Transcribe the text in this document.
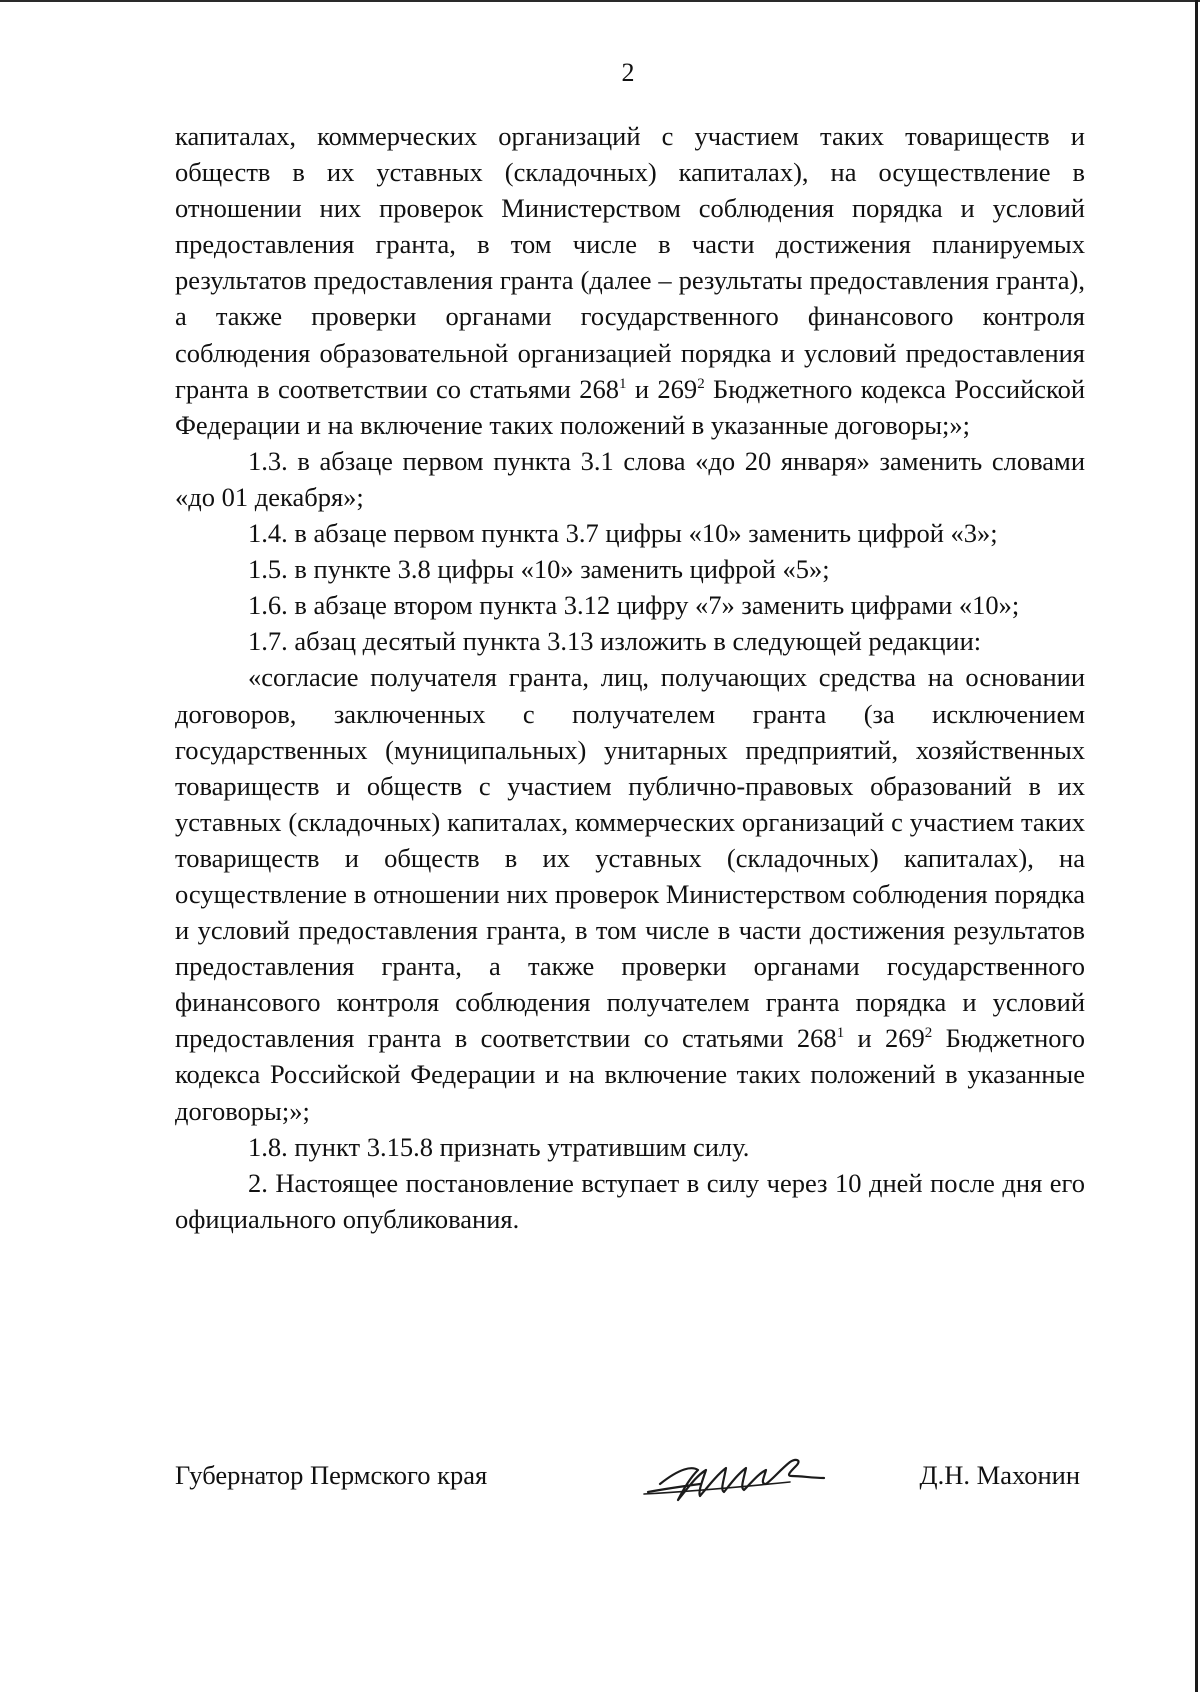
2

капиталах, коммерческих организаций с участием таких товариществ и обществ в их уставных (складочных) капиталах), на осуществление в отношении них проверок Министерством соблюдения порядка и условий предоставления гранта, в том числе в части достижения планируемых результатов предоставления гранта (далее – результаты предоставления гранта), а также проверки органами государственного финансового контроля соблюдения образовательной организацией порядка и условий предоставления гранта в соответствии со статьями $268^1$ и $269^2$ Бюджетного кодекса Российской Федерации и на включение таких положений в указанные договоры;»;

1.3. в абзаце первом пункта 3.1 слова «до 20 января» заменить словами «до 01 декабря»;

1.4. в абзаце первом пункта 3.7 цифры «10» заменить цифрой «3»;

1.5. в пункте 3.8 цифры «10» заменить цифрой «5»;

1.6. в абзаце втором пункта 3.12 цифру «7» заменить цифрами «10»;

1.7. абзац десятый пункта 3.13 изложить в следующей редакции:

«согласие получателя гранта, лиц, получающих средства на основании договоров, заключенных с получателем гранта (за исключением государственных (муниципальных) унитарных предприятий, хозяйственных товариществ и обществ с участием публично-правовых образований в их уставных (складочных) капиталах, коммерческих организаций с участием таких товариществ и обществ в их уставных (складочных) капиталах), на осуществление в отношении них проверок Министерством соблюдения порядка и условий предоставления гранта, в том числе в части достижения результатов предоставления гранта, а также проверки органами государственного финансового контроля соблюдения получателем гранта порядка и условий предоставления гранта в соответствии со статьями $268^1$ и $269^2$ Бюджетного кодекса Российской Федерации и на включение таких положений в указанные договоры;»;

1.8. пункт 3.15.8 признать утратившим силу.

2. Настоящее постановление вступает в силу через 10 дней после дня его официального опубликования.

Губернатор Пермского края	Д.Н. Махонин
